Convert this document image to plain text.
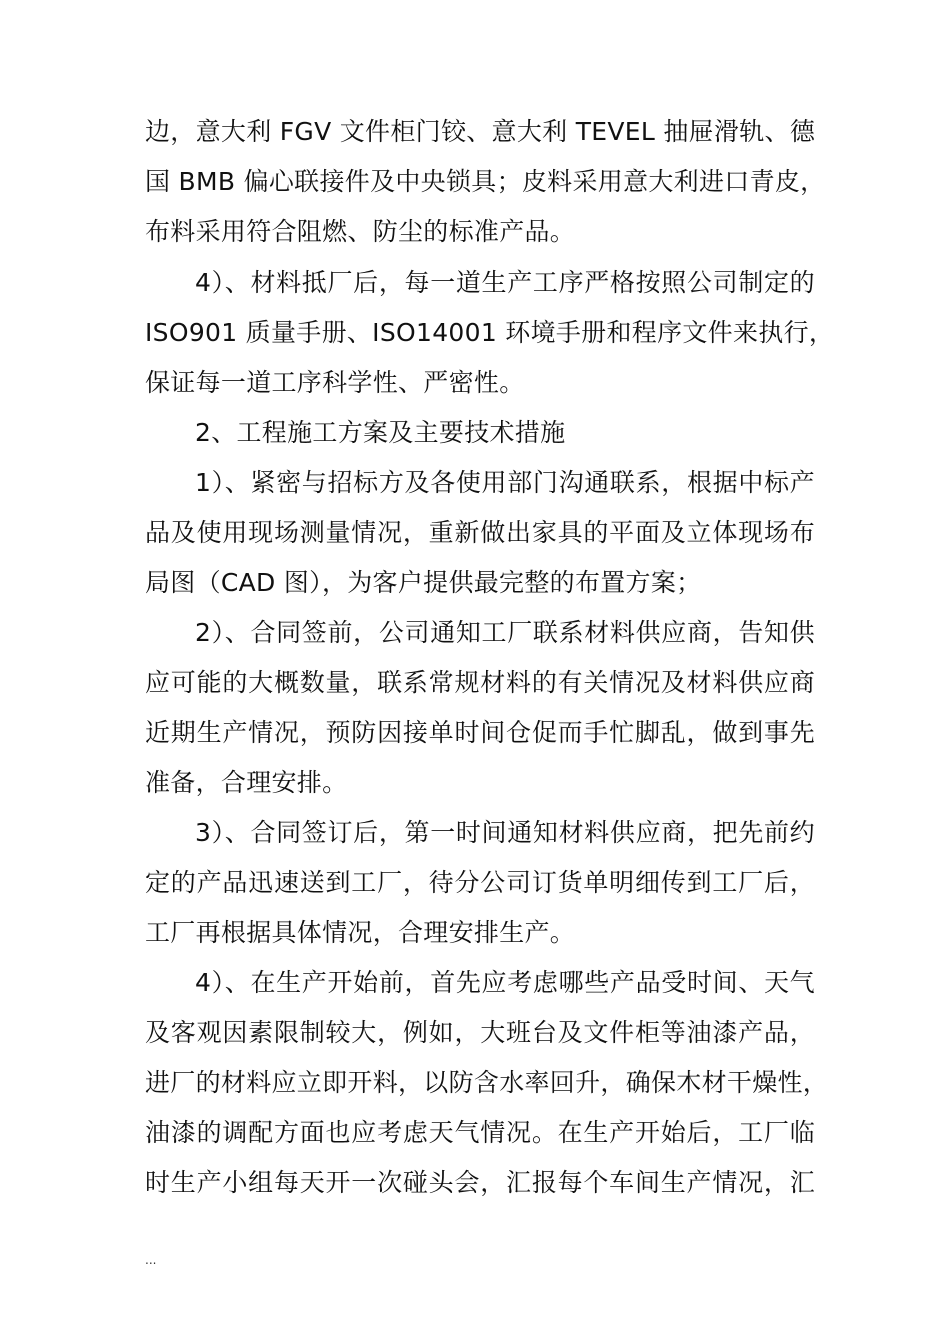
边，意大利 FGV 文件柜门铰、意大利 TEVEL 抽屉滑轨、德
国 BMB 偏心联接件及中央锁具；皮料采用意大利进口青皮，
布料采用符合阻燃、防尘的标准产品。
4）、材料抵厂后，每一道生产工序严格按照公司制定的
ISO901 质量手册、ISO14001 环境手册和程序文件来执行，
保证每一道工序科学性、严密性。
2、工程施工方案及主要技术措施
1）、紧密与招标方及各使用部门沟通联系，根据中标产
品及使用现场测量情况，重新做出家具的平面及立体现场布
局图（CAD 图），为客户提供最完整的布置方案；
2）、合同签前，公司通知工厂联系材料供应商，告知供
应可能的大概数量，联系常规材料的有关情况及材料供应商
近期生产情况，预防因接单时间仓促而手忙脚乱，做到事先
准备，合理安排。
3）、合同签订后，第一时间通知材料供应商，把先前约
定的产品迅速送到工厂，待分公司订货单明细传到工厂后，
工厂再根据具体情况，合理安排生产。
4）、在生产开始前，首先应考虑哪些产品受时间、天气
及客观因素限制较大，例如，大班台及文件柜等油漆产品，
进厂的材料应立即开料，以防含水率回升，确保木材干燥性，
油漆的调配方面也应考虑天气情况。在生产开始后，工厂临
时生产小组每天开一次碰头会，汇报每个车间生产情况，汇
...
